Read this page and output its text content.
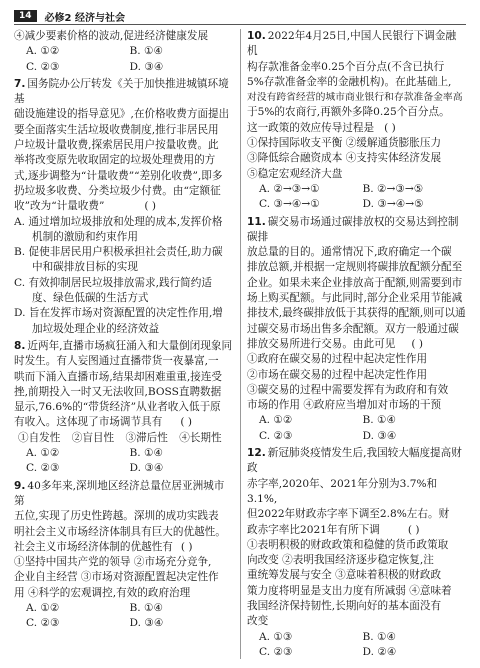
14	必修2 经济与社会
④减少要素价格的波动,促进经济健康发展
A. ①②	B. ①④
C. ②③	D. ③④
7. 国务院办公厅转发《关于加快推进城镇环境基
础设施建设的指导意见》,在价格收费方面提出
要全面落实生活垃圾收费制度,推行非居民用
户垃圾计量收费,探索居民用户按量收费。此
举将改变原先收取固定的垃圾处理费用的方
式,逐步调整为“计量收费”“差别化收费”,即多
扔垃圾多收费、分类垃圾少付费。由“定额征
收”改为“计量收费”	( )
A. 通过增加垃圾排放和处理的成本,发挥价格
机制的激励和约束作用
B. 促使非居民用户积极承担社会责任,助力碳
中和碳排放目标的实现
C. 有效抑制居民垃圾排放需求,践行简约适
度、绿色低碳的生活方式
D. 旨在发挥市场对资源配置的决定性作用,增
加垃圾处理企业的经济效益
8. 近两年,直播市场疯狂涌入和大量倒闭现象同
时发生。有人妄图通过直播带货一夜暴富,一
哄而下涌入直播市场,结果却困难重重,接连受
挫,前期投入一时又无法收回,BOSS直聘数据
显示,76.6%的“带货经济”从业者收入低于原
有收入。这体现了市场调节具有 ( )
①自发性	②盲目性	③滞后性	④长期性
A. ①②	B. ①④
C. ②③	D. ③④
9. 40多年来,深圳地区经济总量位居亚洲城市第
五位,实现了历史性跨越。深圳的成功实践表
明社会主义市场经济体制具有巨大的优越性。
社会主义市场经济体制的优越性有 ( )
①坚持中国共产党的领导 ②市场充分竞争,
企业自主经营 ③市场对资源配置起决定性作
用 ④科学的宏观调控,有效的政府治理
A. ①②	B. ①④
C. ②③	D. ③④
10. 2022年4月25日,中国人民银行下调金融机
构存款准备金率0.25个百分点(不含已执行
5%存款准备金率的金融机构)。在此基础上,
对没有跨省经营的城市商业银行和存款准备金率高
于5%的农商行,再额外多降0.25个百分点。
这一政策的效应传导过程是 ( )
①保持国际收支平衡 ②缓解通货膨胀压力
③降低综合融资成本 ④支持实体经济发展
⑤稳定宏观经济大盘
A. ②→③→①	B. ②→③→⑤
C. ③→④→①	D. ③→④→⑤
11. 碳交易市场通过碳排放权的交易达到控制碳排
放总量的目的。通常情况下,政府确定一个碳
排放总额,并根据一定规则将碳排放配额分配至
企业。如果未来企业排放高于配额,则需要到市
场上购买配额。与此同时,部分企业采用节能减
排技术,最终碳排放低于其获得的配额,则可以通
过碳交易市场出售多余配额。双方一般通过碳
排放交易所进行交易。由此可见 ( )
①政府在碳交易的过程中起决定性作用
②市场在碳交易的过程中起决定性作用
③碳交易的过程中需要发挥有为政府和有效
市场的作用 ④政府应当增加对市场的干预
A. ①②	B. ①④
C. ②③	D. ③④
12. 新冠肺炎疫情发生后,我国较大幅度提高财政
赤字率,2020年、2021年分别为3.7%和3.1%,
但2022年财政赤字率下调至2.8%左右。财
政赤字率比2021年有所下调	( )
①表明积极的财政政策和稳健的货币政策取
向改变 ②表明我国经济逐步稳定恢复,注
重统筹发展与安全 ③意味着积极的财政政
策力度将明显是支出力度有所减弱 ④意味着
我国经济保持韧性,长期向好的基本面没有
改变
A. ①③	B. ①④
C. ②③	D. ②④
